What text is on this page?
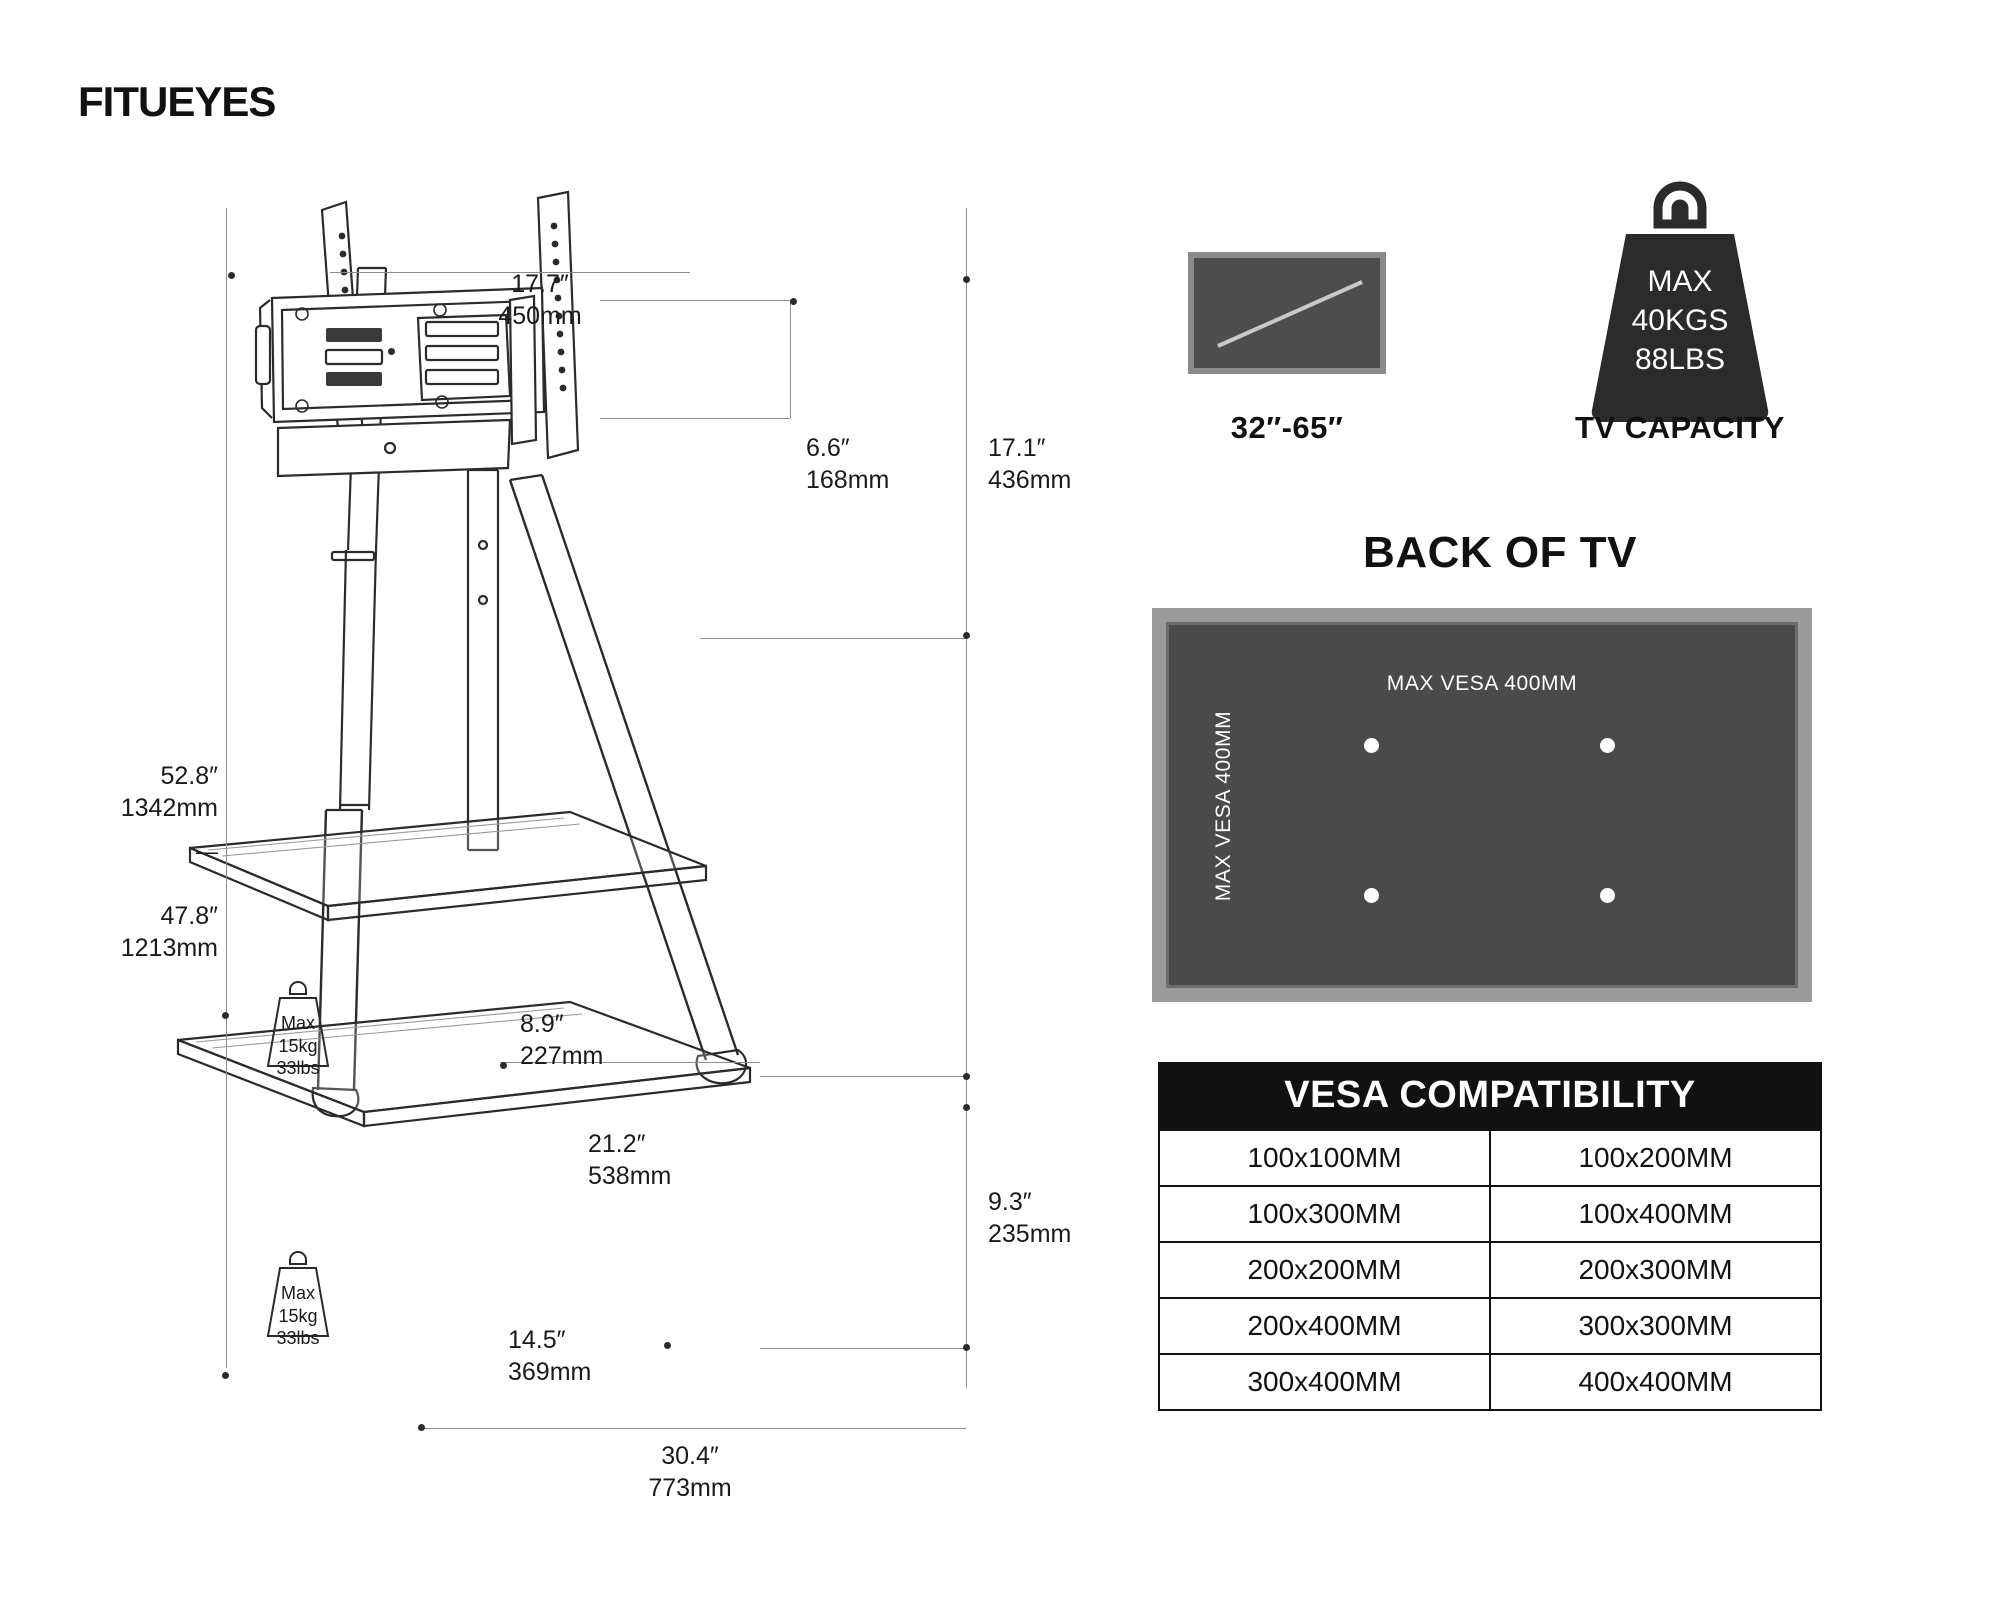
FITUEYES
17.7″
450mm
6.6″
168mm
17.1″
436mm
52.8″
1342mm
—
47.8″
1213mm
8.9″
227mm
21.2″
538mm
9.3″
235mm
14.5″
369mm
30.4″
773mm
Max
15kg
33lbs
Max
15kg
33lbs
32″-65″
MAX
40KGS
88LBS
TV CAPACITY
BACK OF TV
MAX VESA 400MM
MAX VESA 400MM
VESA COMPATIBILITY	
100x100MM	100x200MM
100x300MM	100x400MM
200x200MM	200x300MM
200x400MM	300x300MM
300x400MM	400x400MM
